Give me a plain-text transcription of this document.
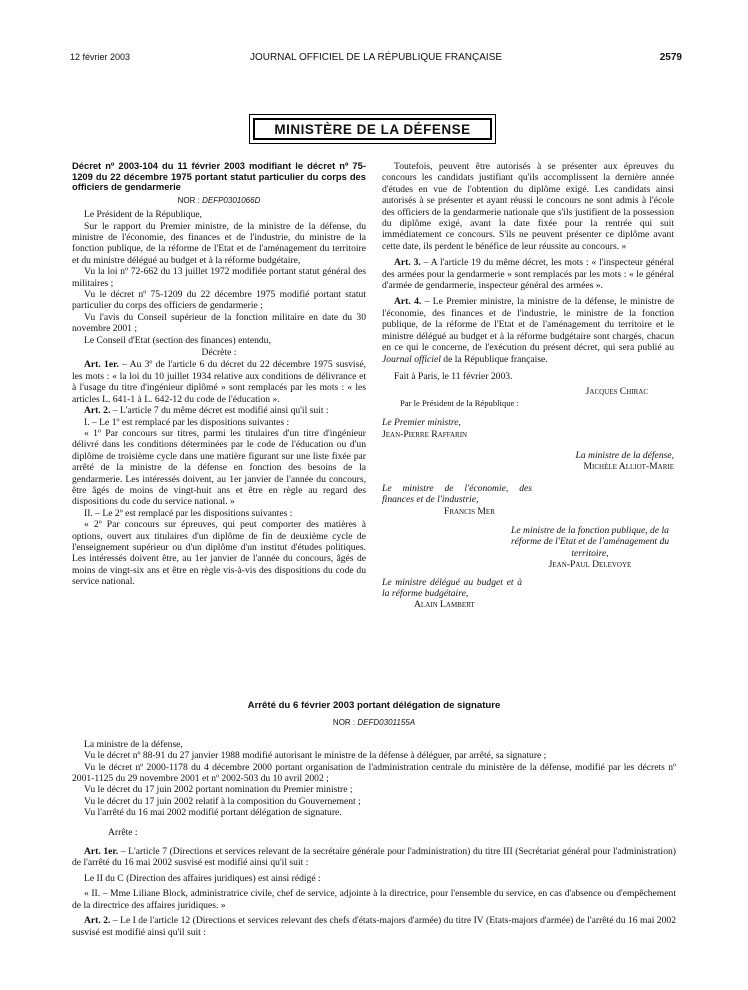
12 février 2003	JOURNAL OFFICIEL DE LA RÉPUBLIQUE FRANÇAISE	2579
MINISTÈRE DE LA DÉFENSE

Décret nº 2003-104 du 11 février 2003 modifiant le décret nº 75-1209 du 22 décembre 1975 portant statut particulier du corps des officiers de gendarmerie

NOR : DEFP0301066D

Le Président de la République,

Sur le rapport du Premier ministre, de la ministre de la défense, du ministre de l'économie, des finances et de l'industrie, du ministre de la fonction publique, de la réforme de l'Etat et de l'aménagement du territoire et du ministre délégué au budget et à la réforme budgétaire,

Vu la loi nº 72-662 du 13 juillet 1972 modifiée portant statut général des militaires ;

Vu le décret nº 75-1209 du 22 décembre 1975 modifié portant statut particulier du corps des officiers de gendarmerie ;

Vu l'avis du Conseil supérieur de la fonction militaire en date du 30 novembre 2001 ;

Le Conseil d'Etat (section des finances) entendu,

Décrète :

Art. 1er. – Au 3º de l'article 6 du décret du 22 décembre 1975 susvisé, les mots : « la loi du 10 juillet 1934 relative aux conditions de délivrance et à l'usage du titre d'ingénieur diplômé » sont remplacés par les mots : « les articles L. 641-1 à L. 642-12 du code de l'éducation ».

Art. 2. – L'article 7 du même décret est modifié ainsi qu'il suit :

I. – Le 1º est remplacé par les dispositions suivantes :

« 1º Par concours sur titres, parmi les titulaires d'un titre d'ingénieur délivré dans les conditions déterminées par le code de l'éducation ou d'un diplôme de troisième cycle dans une matière figurant sur une liste fixée par arrêté de la ministre de la défense en fonction des besoins de la gendarmerie. Les intéressés doivent, au 1er janvier de l'année du concours, être âgés de moins de vingt-huit ans et être en règle au regard des dispositions du code du service national. »

II. – Le 2º est remplacé par les dispositions suivantes :

« 2º Par concours sur épreuves, qui peut comporter des matières à options, ouvert aux titulaires d'un diplôme de fin de deuxième cycle de l'enseignement supérieur ou d'un diplôme d'un institut d'études politiques. Les intéressés doivent être, au 1er janvier de l'année du concours, âgés de moins de vingt-six ans et être en règle vis-à-vis des dispositions du code du service national.

Toutefois, peuvent être autorisés à se présenter aux épreuves du concours les candidats justifiant qu'ils accomplissent la dernière année d'études en vue de l'obtention du diplôme exigé. Les candidats ainsi autorisés à se présenter et ayant réussi le concours ne sont admis à l'école des officiers de la gendarmerie nationale que s'ils justifient de la possession du diplôme exigé, avant la date fixée pour la rentrée qui suit immédiatement ce concours. S'ils ne peuvent présenter ce diplôme avant cette date, ils perdent le bénéfice de leur réussite au concours. »

Art. 3. – A l'article 19 du même décret, les mots : « l'inspecteur général des armées pour la gendarmerie » sont remplacés par les mots : « le général d'armée de gendarmerie, inspecteur général des armées ».

Art. 4. – Le Premier ministre, la ministre de la défense, le ministre de l'économie, des finances et de l'industrie, le ministre de la fonction publique, de la réforme de l'Etat et de l'aménagement du territoire et le ministre délégué au budget et à la réforme budgétaire sont chargés, chacun en ce qui le concerne, de l'exécution du présent décret, qui sera publié au Journal officiel de la République française.

Fait à Paris, le 11 février 2003.

Jacques Chirac

Par le Président de la République :

Le Premier ministre,

Jean-Pierre Raffarin

La ministre de la défense,

Michèle Alliot-Marie

Le ministre de l'économie, des finances et de l'industrie,

Francis Mer

Le ministre de la fonction publique, de la réforme de l'Etat et de l'aménagement du territoire,

Jean-Paul Delevoye

Le ministre délégué au budget et à la réforme budgétaire,

Alain Lambert

Arrêté du 6 février 2003 portant délégation de signature

NOR : DEFD0301155A

La ministre de la défense,

Vu le décret nº 88-91 du 27 janvier 1988 modifié autorisant le ministre de la défense à déléguer, par arrêté, sa signature ;

Vu le décret nº 2000-1178 du 4 décembre 2000 portant organisation de l'administration centrale du ministère de la défense, modifié par les décrets nº 2001-1125 du 29 novembre 2001 et nº 2002-503 du 10 avril 2002 ;

Vu le décret du 17 juin 2002 portant nomination du Premier ministre ;

Vu le décret du 17 juin 2002 relatif à la composition du Gouvernement ;

Vu l'arrêté du 16 mai 2002 modifié portant délégation de signature.

Arrête :

Art. 1er. – L'article 7 (Directions et services relevant de la secrétaire générale pour l'administration) du titre III (Secrétariat général pour l'administration) de l'arrêté du 16 mai 2002 susvisé est modifié ainsi qu'il suit :

Le II du C (Direction des affaires juridiques) est ainsi rédigé :

« II. – Mme Liliane Block, administratrice civile, chef de service, adjointe à la directrice, pour l'ensemble du service, en cas d'absence ou d'empêchement de la directrice des affaires juridiques. »

Art. 2. – Le I de l'article 12 (Directions et services relevant des chefs d'états-majors d'armée) du titre IV (Etats-majors d'armée) de l'arrêté du 16 mai 2002 susvisé est modifié ainsi qu'il suit :
